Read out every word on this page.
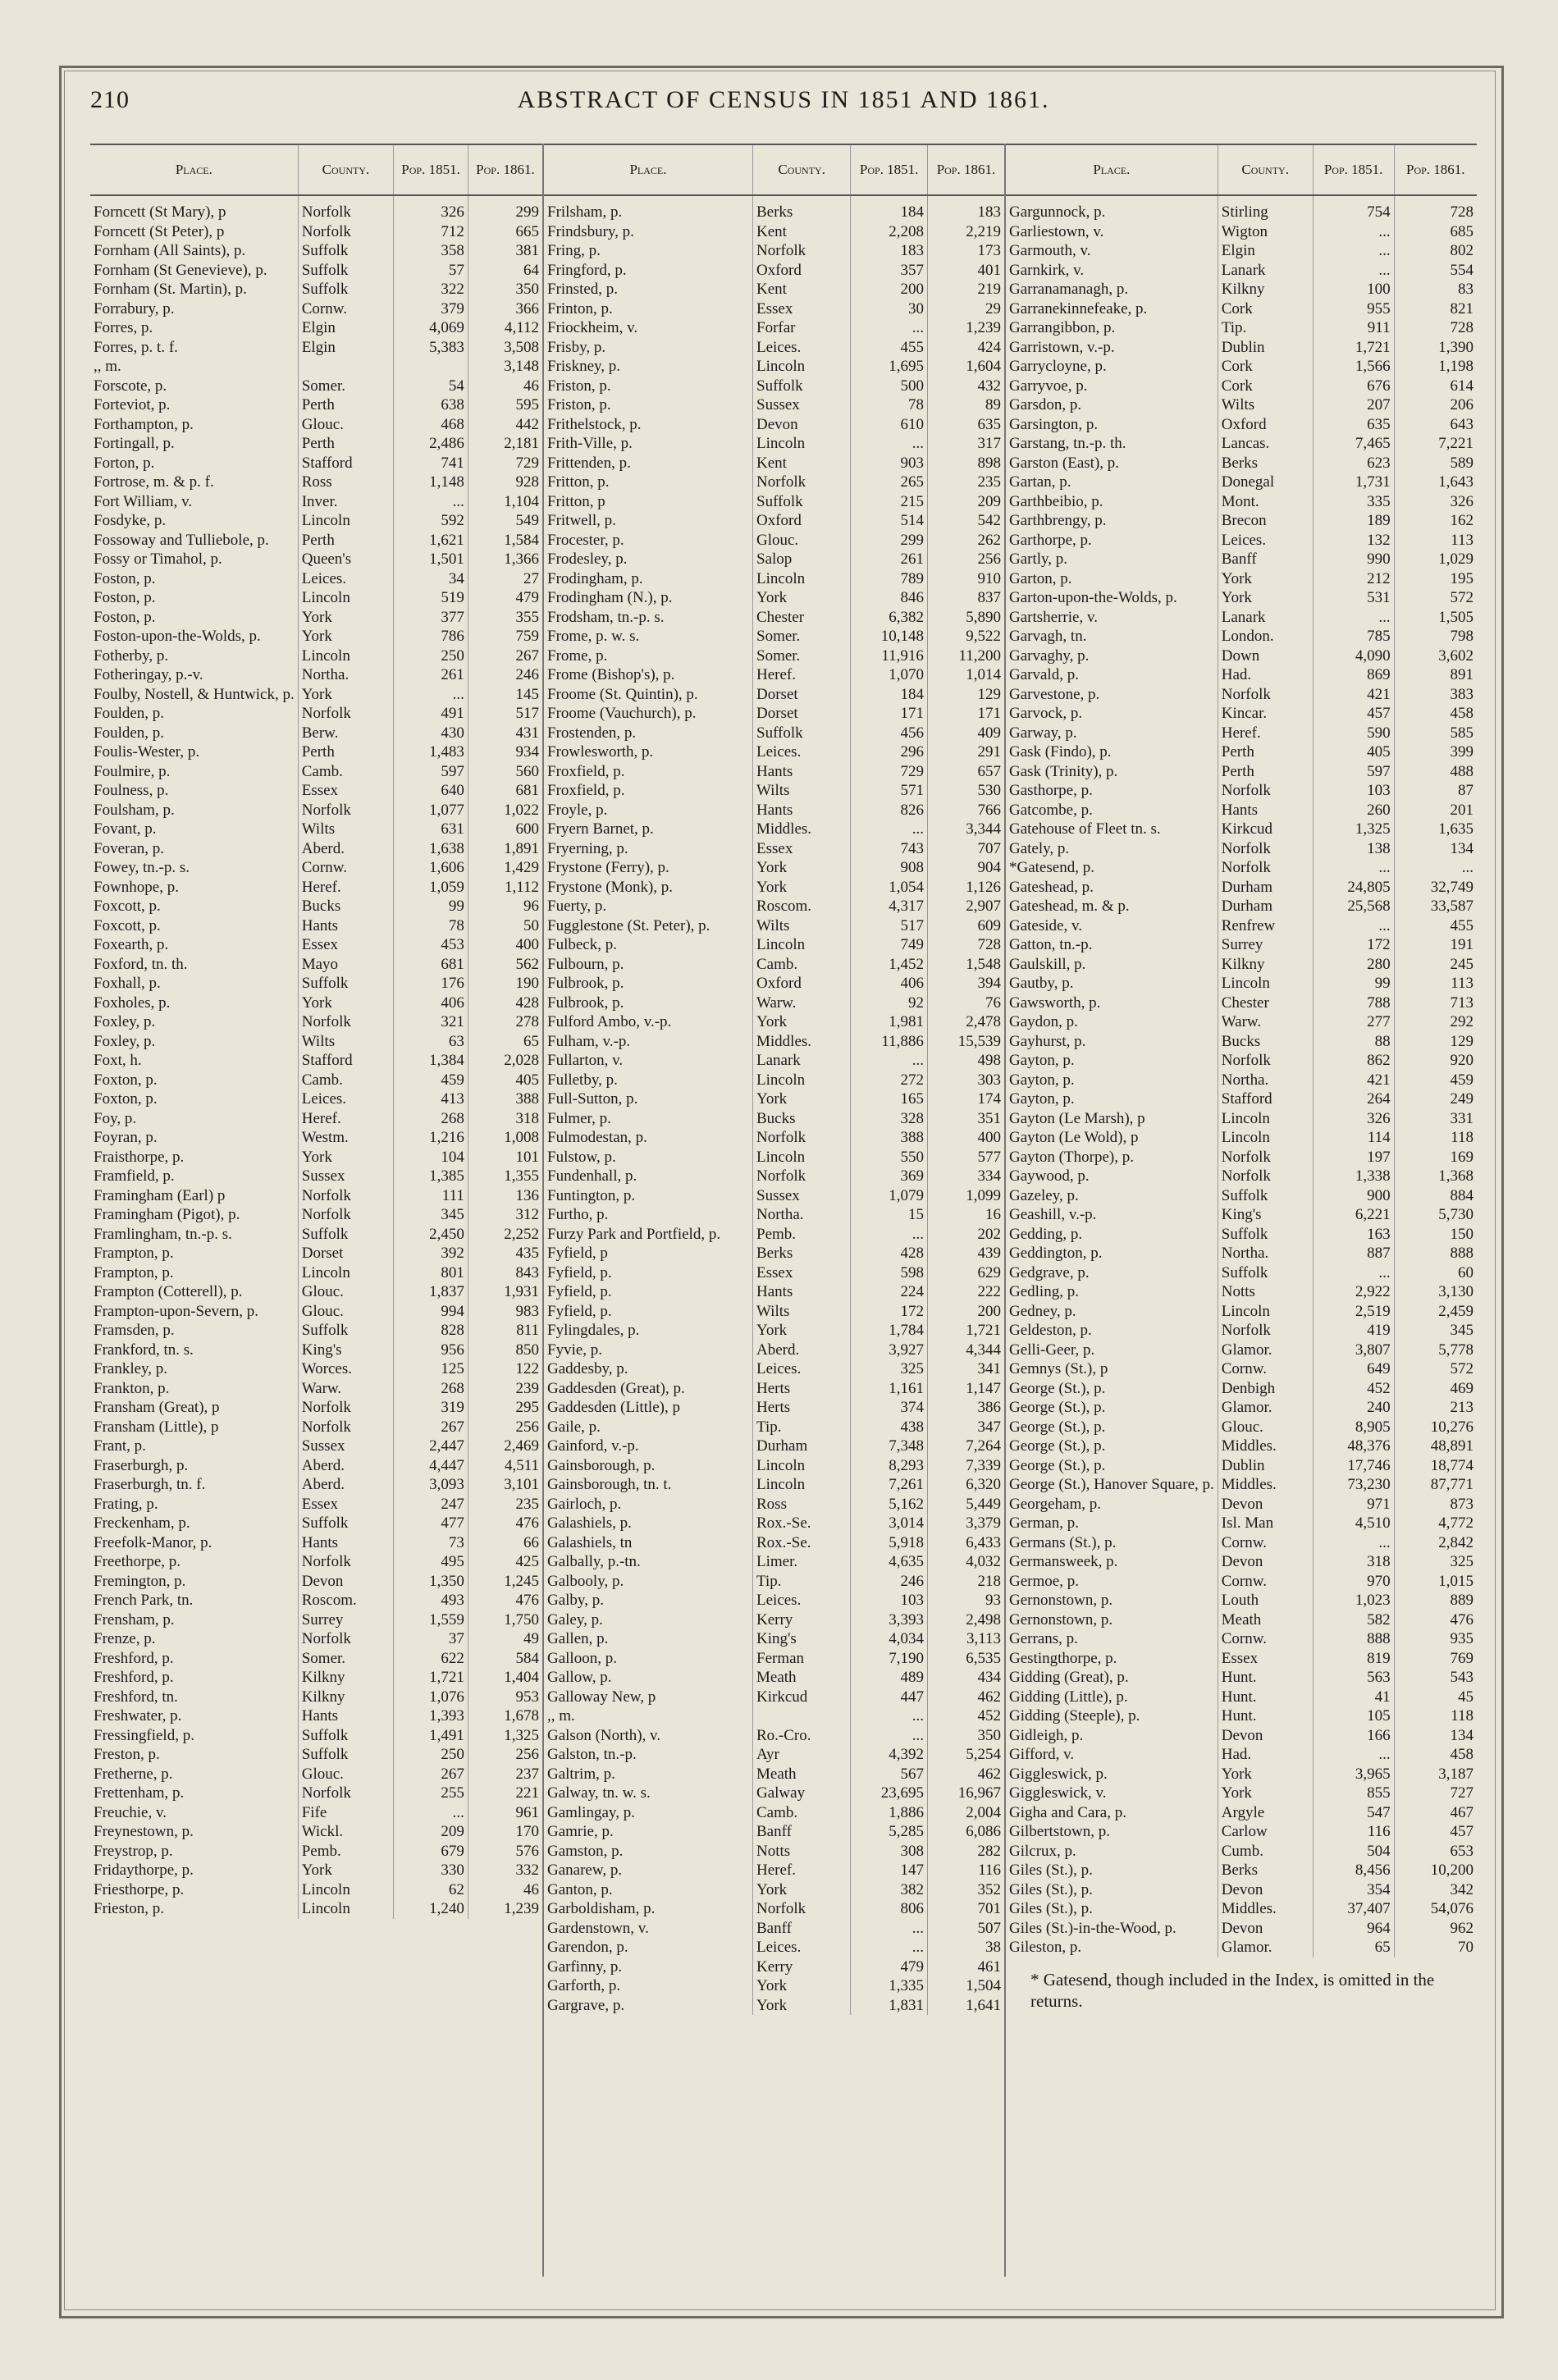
210	ABSTRACT OF CENSUS IN 1851 AND 1861.
Place.	County.	Pop. 1851.	Pop. 1861.

Forncett (St Mary), p	Norfolk	326	299
Forncett (St Peter), p	Norfolk	712	665
Fornham (All Saints), p.	Suffolk	358	381
Fornham (St Genevieve), p.	Suffolk	57	64
Fornham (St. Martin), p.	Suffolk	322	350
Forrabury, p.	Cornw.	379	366
Forres, p.	Elgin	4,069	4,112
Forres, p. t. f.	Elgin	5,383	3,508
,, m.			3,148
Forscote, p.	Somer.	54	46
Forteviot, p.	Perth	638	595
Forthampton, p.	Glouc.	468	442
Fortingall, p.	Perth	2,486	2,181
Forton, p.	Stafford	741	729
Fortrose, m. & p. f.	Ross	1,148	928
Fort William, v.	Inver.	...	1,104
Fosdyke, p.	Lincoln	592	549
Fossoway and Tulliebole, p.	Perth	1,621	1,584
Fossy or Timahol, p.	Queen's	1,501	1,366
Foston, p.	Leices.	34	27
Foston, p.	Lincoln	519	479
Foston, p.	York	377	355
Foston-upon-the-Wolds, p.	York	786	759
Fotherby, p.	Lincoln	250	267
Fotheringay, p.-v.	Northa.	261	246
Foulby, Nostell, & Huntwick, p.	York	...	145
Foulden, p.	Norfolk	491	517
Foulden, p.	Berw.	430	431
Foulis-Wester, p.	Perth	1,483	934
Foulmire, p.	Camb.	597	560
Foulness, p.	Essex	640	681
Foulsham, p.	Norfolk	1,077	1,022
Fovant, p.	Wilts	631	600
Foveran, p.	Aberd.	1,638	1,891
Fowey, tn.-p. s.	Cornw.	1,606	1,429
Fownhope, p.	Heref.	1,059	1,112
Foxcott, p.	Bucks	99	96
Foxcott, p.	Hants	78	50
Foxearth, p.	Essex	453	400
Foxford, tn. th.	Mayo	681	562
Foxhall, p.	Suffolk	176	190
Foxholes, p.	York	406	428
Foxley, p.	Norfolk	321	278
Foxley, p.	Wilts	63	65
Foxt, h.	Stafford	1,384	2,028
Foxton, p.	Camb.	459	405
Foxton, p.	Leices.	413	388
Foy, p.	Heref.	268	318
Foyran, p.	Westm.	1,216	1,008
Fraisthorpe, p.	York	104	101
Framfield, p.	Sussex	1,385	1,355
Framingham (Earl) p	Norfolk	111	136
Framingham (Pigot), p.	Norfolk	345	312
Framlingham, tn.-p. s.	Suffolk	2,450	2,252
Frampton, p.	Dorset	392	435
Frampton, p.	Lincoln	801	843
Frampton (Cotterell), p.	Glouc.	1,837	1,931
Frampton-upon-Severn, p.	Glouc.	994	983
Framsden, p.	Suffolk	828	811
Frankford, tn. s.	King's	956	850
Frankley, p.	Worces.	125	122
Frankton, p.	Warw.	268	239
Fransham (Great), p	Norfolk	319	295
Fransham (Little), p	Norfolk	267	256
Frant, p.	Sussex	2,447	2,469
Fraserburgh, p.	Aberd.	4,447	4,511
Fraserburgh, tn. f.	Aberd.	3,093	3,101
Frating, p.	Essex	247	235
Freckenham, p.	Suffolk	477	476
Freefolk-Manor, p.	Hants	73	66
Freethorpe, p.	Norfolk	495	425
Fremington, p.	Devon	1,350	1,245
French Park, tn.	Roscom.	493	476
Frensham, p.	Surrey	1,559	1,750
Frenze, p.	Norfolk	37	49
Freshford, p.	Somer.	622	584
Freshford, p.	Kilkny	1,721	1,404
Freshford, tn.	Kilkny	1,076	953
Freshwater, p.	Hants	1,393	1,678
Fressingfield, p.	Suffolk	1,491	1,325
Freston, p.	Suffolk	250	256
Fretherne, p.	Glouc.	267	237
Frettenham, p.	Norfolk	255	221
Freuchie, v.	Fife	...	961
Freynestown, p.	Wickl.	209	170
Freystrop, p.	Pemb.	679	576
Fridaythorpe, p.	York	330	332
Friesthorpe, p.	Lincoln	62	46
Frieston, p.	Lincoln	1,240	1,239
Place.	County.	Pop. 1851.	Pop. 1861.

Frilsham, p.	Berks	184	183
Frindsbury, p.	Kent	2,208	2,219
Fring, p.	Norfolk	183	173
Fringford, p.	Oxford	357	401
Frinsted, p.	Kent	200	219
Frinton, p.	Essex	30	29
Friockheim, v.	Forfar	...	1,239
Frisby, p.	Leices.	455	424
Friskney, p.	Lincoln	1,695	1,604
Friston, p.	Suffolk	500	432
Friston, p.	Sussex	78	89
Frithelstock, p.	Devon	610	635
Frith-Ville, p.	Lincoln	...	317
Frittenden, p.	Kent	903	898
Fritton, p.	Norfolk	265	235
Fritton, p	Suffolk	215	209
Fritwell, p.	Oxford	514	542
Frocester, p.	Glouc.	299	262
Frodesley, p.	Salop	261	256
Frodingham, p.	Lincoln	789	910
Frodingham (N.), p.	York	846	837
Frodsham, tn.-p. s.	Chester	6,382	5,890
Frome, p. w. s.	Somer.	10,148	9,522
Frome, p.	Somer.	11,916	11,200
Frome (Bishop's), p.	Heref.	1,070	1,014
Froome (St. Quintin), p.	Dorset	184	129
Froome (Vauchurch), p.	Dorset	171	171
Frostenden, p.	Suffolk	456	409
Frowlesworth, p.	Leices.	296	291
Froxfield, p.	Hants	729	657
Froxfield, p.	Wilts	571	530
Froyle, p.	Hants	826	766
Fryern Barnet, p.	Middles.	...	3,344
Fryerning, p.	Essex	743	707
Frystone (Ferry), p.	York	908	904
Frystone (Monk), p.	York	1,054	1,126
Fuerty, p.	Roscom.	4,317	2,907
Fugglestone (St. Peter), p.	Wilts	517	609
Fulbeck, p.	Lincoln	749	728
Fulbourn, p.	Camb.	1,452	1,548
Fulbrook, p.	Oxford	406	394
Fulbrook, p.	Warw.	92	76
Fulford Ambo, v.-p.	York	1,981	2,478
Fulham, v.-p.	Middles.	11,886	15,539
Fullarton, v.	Lanark	...	498
Fulletby, p.	Lincoln	272	303
Full-Sutton, p.	York	165	174
Fulmer, p.	Bucks	328	351
Fulmodestan, p.	Norfolk	388	400
Fulstow, p.	Lincoln	550	577
Fundenhall, p.	Norfolk	369	334
Funtington, p.	Sussex	1,079	1,099
Furtho, p.	Northa.	15	16
Furzy Park and Portfield, p.	Pemb.	...	202
Fyfield, p	Berks	428	439
Fyfield, p.	Essex	598	629
Fyfield, p.	Hants	224	222
Fyfield, p.	Wilts	172	200
Fylingdales, p.	York	1,784	1,721
Fyvie, p.	Aberd.	3,927	4,344
Gaddesby, p.	Leices.	325	341
Gaddesden (Great), p.	Herts	1,161	1,147
Gaddesden (Little), p	Herts	374	386
Gaile, p.	Tip.	438	347
Gainford, v.-p.	Durham	7,348	7,264
Gainsborough, p.	Lincoln	8,293	7,339
Gainsborough, tn. t.	Lincoln	7,261	6,320
Gairloch, p.	Ross	5,162	5,449
Galashiels, p.	Rox.-Se.	3,014	3,379
Galashiels, tn	Rox.-Se.	5,918	6,433
Galbally, p.-tn.	Limer.	4,635	4,032
Galbooly, p.	Tip.	246	218
Galby, p.	Leices.	103	93
Galey, p.	Kerry	3,393	2,498
Gallen, p.	King's	4,034	3,113
Galloon, p.	Ferman	7,190	6,535
Gallow, p.	Meath	489	434
Galloway New, p	Kirkcud	447	462
,, m.		...	452
Galson (North), v.	Ro.-Cro.	...	350
Galston, tn.-p.	Ayr	4,392	5,254
Galtrim, p.	Meath	567	462
Galway, tn. w. s.	Galway	23,695	16,967
Gamlingay, p.	Camb.	1,886	2,004
Gamrie, p.	Banff	5,285	6,086
Gamston, p.	Notts	308	282
Ganarew, p.	Heref.	147	116
Ganton, p.	York	382	352
Garboldisham, p.	Norfolk	806	701
Gardenstown, v.	Banff	...	507
Garendon, p.	Leices.	...	38
Garfinny, p.	Kerry	479	461
Garforth, p.	York	1,335	1,504
Gargrave, p.	York	1,831	1,641
Place.	County.	Pop. 1851.	Pop. 1861.

Gargunnock, p.	Stirling	754	728
Garliestown, v.	Wigton	...	685
Garmouth, v.	Elgin	...	802
Garnkirk, v.	Lanark	...	554
Garranamanagh, p.	Kilkny	100	83
Garranekinnefeake, p.	Cork	955	821
Garrangibbon, p.	Tip.	911	728
Garristown, v.-p.	Dublin	1,721	1,390
Garrycloyne, p.	Cork	1,566	1,198
Garryvoe, p.	Cork	676	614
Garsdon, p.	Wilts	207	206
Garsington, p.	Oxford	635	643
Garstang, tn.-p. th.	Lancas.	7,465	7,221
Garston (East), p.	Berks	623	589
Gartan, p.	Donegal	1,731	1,643
Garthbeibio, p.	Mont.	335	326
Garthbrengy, p.	Brecon	189	162
Garthorpe, p.	Leices.	132	113
Gartly, p.	Banff	990	1,029
Garton, p.	York	212	195
Garton-upon-the-Wolds, p.	York	531	572
Gartsherrie, v.	Lanark	...	1,505
Garvagh, tn.	London.	785	798
Garvaghy, p.	Down	4,090	3,602
Garvald, p.	Had.	869	891
Garvestone, p.	Norfolk	421	383
Garvock, p.	Kincar.	457	458
Garway, p.	Heref.	590	585
Gask (Findo), p.	Perth	405	399
Gask (Trinity), p.	Perth	597	488
Gasthorpe, p.	Norfolk	103	87
Gatcombe, p.	Hants	260	201
Gatehouse of Fleet tn. s.	Kirkcud	1,325	1,635
Gately, p.	Norfolk	138	134
*Gatesend, p.	Norfolk	...	...
Gateshead, p.	Durham	24,805	32,749
Gateshead, m. & p.	Durham	25,568	33,587
Gateside, v.	Renfrew	...	455
Gatton, tn.-p.	Surrey	172	191
Gaulskill, p.	Kilkny	280	245
Gautby, p.	Lincoln	99	113
Gawsworth, p.	Chester	788	713
Gaydon, p.	Warw.	277	292
Gayhurst, p.	Bucks	88	129
Gayton, p.	Norfolk	862	920
Gayton, p.	Northa.	421	459
Gayton, p.	Stafford	264	249
Gayton (Le Marsh), p	Lincoln	326	331
Gayton (Le Wold), p	Lincoln	114	118
Gayton (Thorpe), p.	Norfolk	197	169
Gaywood, p.	Norfolk	1,338	1,368
Gazeley, p.	Suffolk	900	884
Geashill, v.-p.	King's	6,221	5,730
Gedding, p.	Suffolk	163	150
Geddington, p.	Northa.	887	888
Gedgrave, p.	Suffolk	...	60
Gedling, p.	Notts	2,922	3,130
Gedney, p.	Lincoln	2,519	2,459
Geldeston, p.	Norfolk	419	345
Gelli-Geer, p.	Glamor.	3,807	5,778
Gemnys (St.), p	Cornw.	649	572
George (St.), p.	Denbigh	452	469
George (St.), p.	Glamor.	240	213
George (St.), p.	Glouc.	8,905	10,276
George (St.), p.	Middles.	48,376	48,891
George (St.), p.	Dublin	17,746	18,774
George (St.), Hanover Square, p.	Middles.	73,230	87,771
Georgeham, p.	Devon	971	873
German, p.	Isl. Man	4,510	4,772
Germans (St.), p.	Cornw.	...	2,842
Germansweek, p.	Devon	318	325
Germoe, p.	Cornw.	970	1,015
Gernonstown, p.	Louth	1,023	889
Gernonstown, p.	Meath	582	476
Gerrans, p.	Cornw.	888	935
Gestingthorpe, p.	Essex	819	769
Gidding (Great), p.	Hunt.	563	543
Gidding (Little), p.	Hunt.	41	45
Gidding (Steeple), p.	Hunt.	105	118
Gidleigh, p.	Devon	166	134
Gifford, v.	Had.	...	458
Giggleswick, p.	York	3,965	3,187
Giggleswick, v.	York	855	727
Gigha and Cara, p.	Argyle	547	467
Gilbertstown, p.	Carlow	116	457
Gilcrux, p.	Cumb.	504	653
Giles (St.), p.	Berks	8,456	10,200
Giles (St.), p.	Devon	354	342
Giles (St.), p.	Middles.	37,407	54,076
Giles (St.)-in-the-Wood, p.	Devon	964	962
Gileston, p.	Glamor.	65	70
* Gatesend, though included in the Index, is omitted in the returns.
